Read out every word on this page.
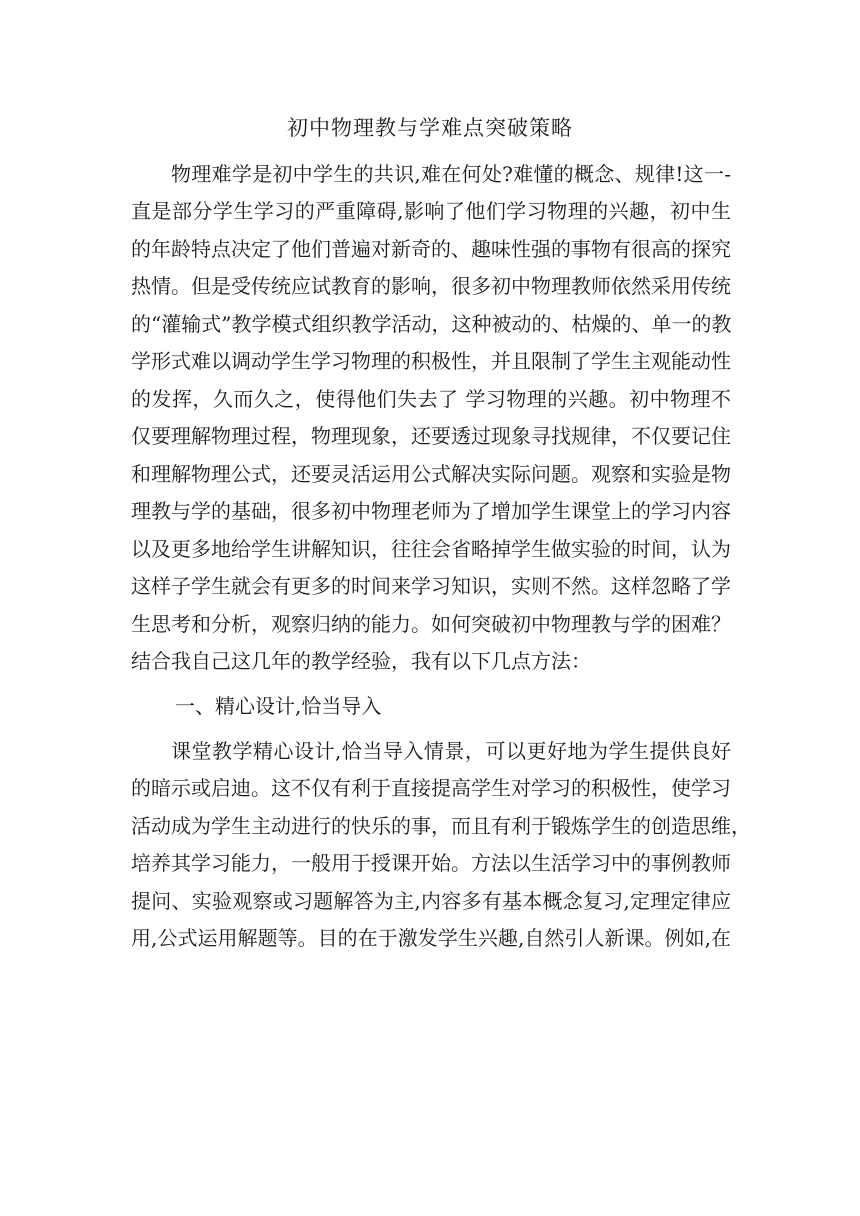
初中物理教与学难点突破策略
物理难学是初中学生的共识,难在何处?难懂的概念、规律!这一-
直是部分学生学习的严重障碍,影响了他们学习物理的兴趣，初中生
的年龄特点决定了他们普遍对新奇的、趣味性强的事物有很高的探究
热情。但是受传统应试教育的影响，很多初中物理教师依然采用传统
的“灌输式”教学模式组织教学活动，这种被动的、枯燥的、单一的教
学形式难以调动学生学习物理的积极性，并且限制了学生主观能动性
的发挥，久而久之，使得他们失去了 学习物理的兴趣。初中物理不
仅要理解物理过程，物理现象，还要透过现象寻找规律，不仅要记住
和理解物理公式，还要灵活运用公式解决实际问题。观察和实验是物
理教与学的基础，很多初中物理老师为了增加学生课堂上的学习内容
以及更多地给学生讲解知识，往往会省略掉学生做实验的时间，认为
这样子学生就会有更多的时间来学习知识，实则不然。这样忽略了学
生思考和分析，观察归纳的能力。如何突破初中物理教与学的困难？
结合我自己这几年的教学经验，我有以下几点方法：
一、精心设计,恰当导入
课堂教学精心设计,恰当导入情景，可以更好地为学生提供良好
的暗示或启迪。这不仅有利于直接提高学生对学习的积极性，使学习
活动成为学生主动进行的快乐的事，而且有利于锻炼学生的创造思维，
培养其学习能力，一般用于授课开始。方法以生活学习中的事例教师
提问、实验观察或习题解答为主,内容多有基本概念复习,定理定律应
用,公式运用解题等。目的在于激发学生兴趣,自然引人新课。例如,在
